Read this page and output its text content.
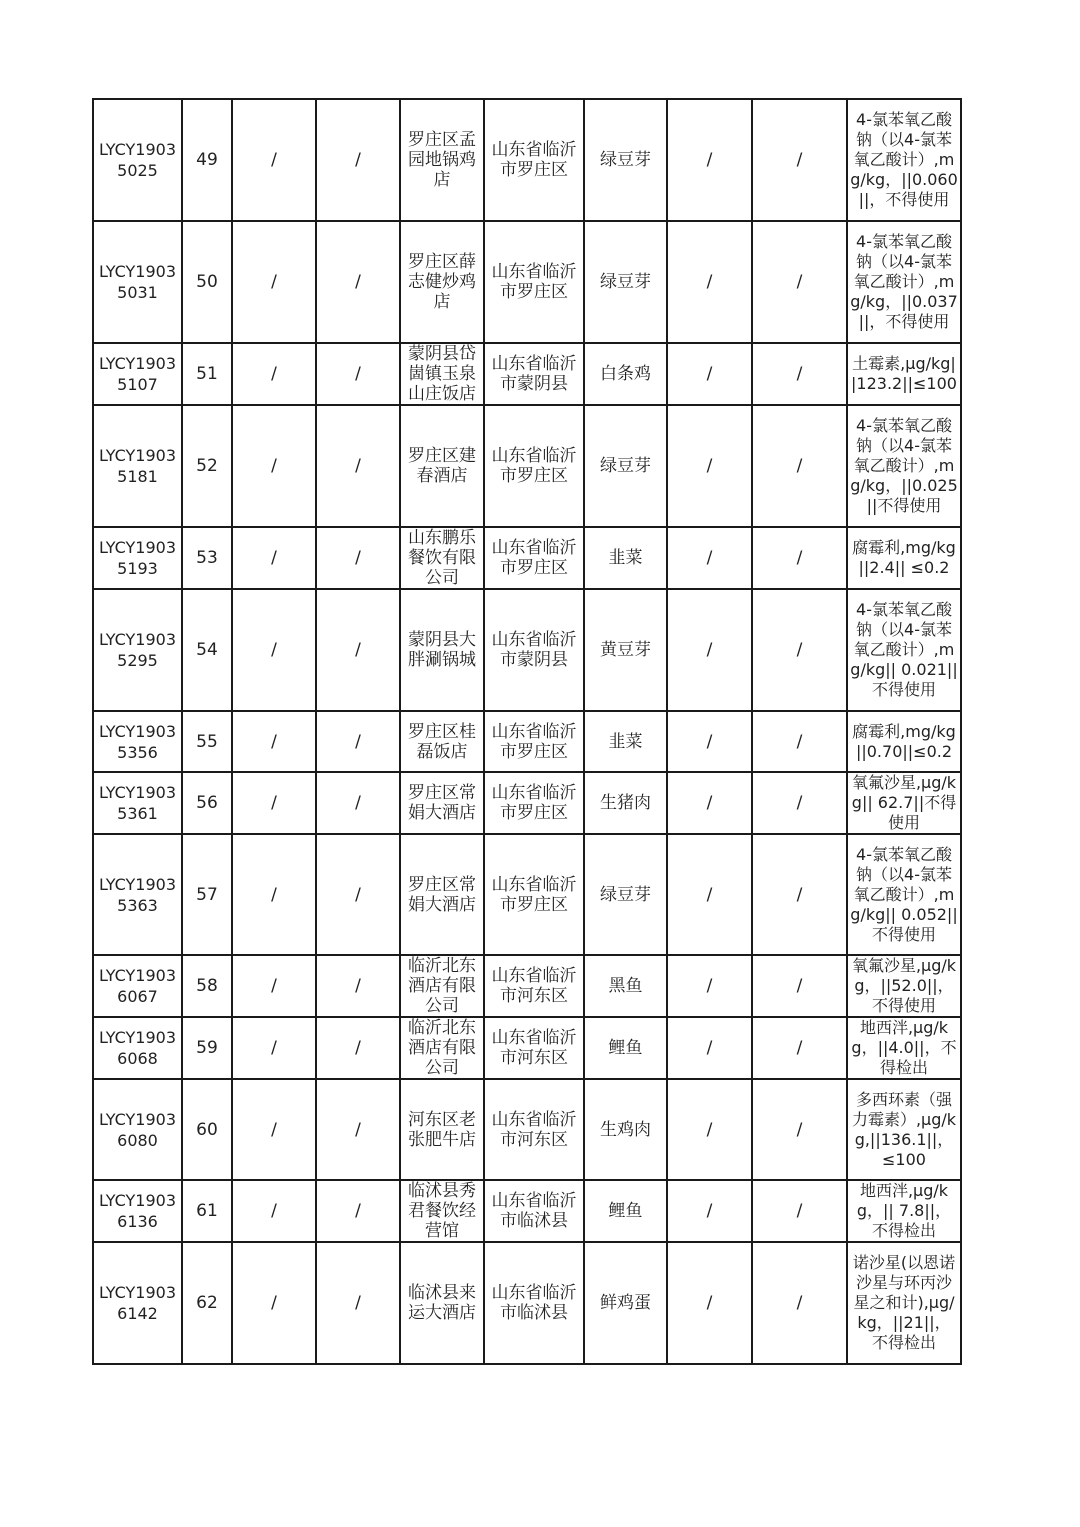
LYCY19035025	49	/	/	罗庄区孟园地锅鸡店	山东省临沂市罗庄区	绿豆芽	/	/	4-氯苯氧乙酸钠（以4-氯苯氧乙酸计）,mg/kg，||0.060 ||，不得使用

LYCY19035031	50	/	/	罗庄区薛志健炒鸡店	山东省临沂市罗庄区	绿豆芽	/	/	4-氯苯氧乙酸钠（以4-氯苯氧乙酸计）,mg/kg，||0.037 ||，不得使用

LYCY19035107	51	/	/	蒙阴县岱崮镇玉泉山庄饭店	山东省临沂市蒙阴县	白条鸡	/	/	土霉素,μg/kg||123.2||≤100

LYCY19035181	52	/	/	罗庄区建春酒店	山东省临沂市罗庄区	绿豆芽	/	/	4-氯苯氧乙酸钠（以4-氯苯氧乙酸计）,mg/kg，||0.025 ||不得使用

LYCY19035193	53	/	/	山东鹏乐餐饮有限公司	山东省临沂市罗庄区	韭菜	/	/	腐霉利,mg/kg ||2.4|| ≤0.2

LYCY19035295	54	/	/	蒙阴县大胖涮锅城	山东省临沂市蒙阴县	黄豆芽	/	/	4-氯苯氧乙酸钠（以4-氯苯氧乙酸计）,mg/kg|| 0.021||不得使用

LYCY19035356	55	/	/	罗庄区桂磊饭店	山东省临沂市罗庄区	韭菜	/	/	腐霉利,mg/kg||0.70||≤0.2

LYCY19035361	56	/	/	罗庄区常娟大酒店	山东省临沂市罗庄区	生猪肉	/	/	氧氟沙星,μg/kg|| 62.7||不得使用

LYCY19035363	57	/	/	罗庄区常娟大酒店	山东省临沂市罗庄区	绿豆芽	/	/	4-氯苯氧乙酸钠（以4-氯苯氧乙酸计）,mg/kg|| 0.052||不得使用

LYCY19036067	58	/	/	临沂北东酒店有限公司	山东省临沂市河东区	黑鱼	/	/	氧氟沙星,μg/kg，||52.0||，不得使用

LYCY19036068	59	/	/	临沂北东酒店有限公司	山东省临沂市河东区	鲤鱼	/	/	地西泮,μg/kg，||4.0||，不得检出

LYCY19036080	60	/	/	河东区老张肥牛店	山东省临沂市河东区	生鸡肉	/	/	多西环素（强力霉素）,μg/kg,||136.1||，≤100

LYCY19036136	61	/	/	临沭县秀君餐饮经营馆	山东省临沂市临沭县	鲤鱼	/	/	地西泮,μg/kg，|| 7.8||，不得检出

LYCY19036142	62	/	/	临沭县来运大酒店	山东省临沂市临沭县	鲜鸡蛋	/	/	诺沙星(以恩诺沙星与环丙沙星之和计),μg/kg，||21||，不得检出
